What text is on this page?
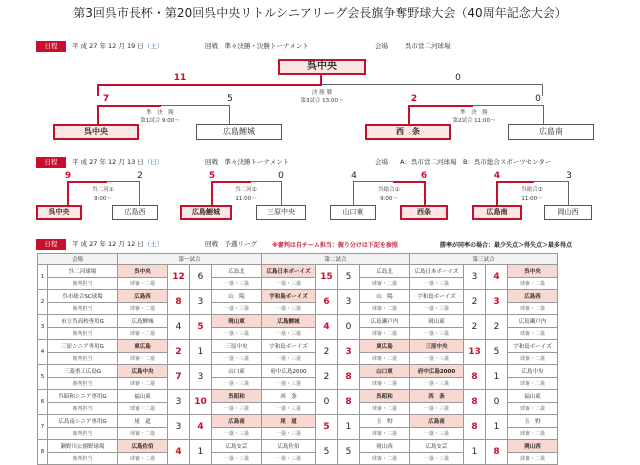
第3回呉市長杯・第20回呉中央リトルシニアリーグ会長旗争奪野球大会（40周年記念大会）
日程	平 成 27 年 12 月 19 日（土）	回戦　準々決勝・決勝トーナメント	会場	呉市営二河球場
呉中央
11	0
決 勝 戦
第3試合 13:00～
7	5
準　決　勝
第1試合 9:00～
呉中央	広島鯉城
2	0
準　決　勝
第2試合 11:00～
西　条	広島南
日程	平 成 27 年 12 月 13 日（日）	回戦　準々決勝トーナメント	会場 A：呉市営二河球場　B：呉市総合スポーツセンター
9	2
呉二河①
9:00～
呉中央	広島西
5	0
呉二河②
11:00～
広島鯉城	三原中央
4	6
呉総合①
9:00～
山口東	西条
4	3
呉総合②
11:00～
広島南	岡山西
日程	平 成 27 年 12 月 12 日（土）	回戦　予選リーグ	※審判は自チーム担当：振り分けは下記を参照	勝率が同率の場合：最少失点＞得失点＞最多得点
会場		第一試合				第二試合				第三試合			
1	呉二河球場	呉中央	12	6	広島北	広島日本ボーイズ	15	5	広島北	広島日本ボーイズ	3	4	呉中央
	審判担当	球審・二塁			一塁・三塁	一塁・三塁			球審・二塁	一塁・三塁			球審・二塁
2	呉市総合SC球場	広島西	8	3	山　陽	宇和島ボーイズ	6	3	山　陽	宇和島ボーイズ	2	3	広島西
	審判担当	球審・二塁			一塁・三塁	一塁・三塁			球審・二塁	一塁・三塁			球審・二塁
3	市立呉高校専用G	広島鯉城	4	5	岡山東	広島鯉城	4	0	広島瀬戸内	岡山東	2	2	広島瀬戸内
	審判担当	球審・二塁			一塁・三塁	一塁・三塁			球審・二塁	一塁・三塁			球審・二塁
4	三原シニア専用G	東広島	2	1	三原中央	宇和島ボーイズ	2	3	東広島	三原中央	13	5	宇和島ボーイズ
	審判担当	球審・二塁			一塁・三塁	一塁・三塁			球審・二塁	一塁・三塁			球審・二塁
5	三菱重工広島G	広島中央	7	3	山口東	府中広島2000	2	8	山口東	府中広島2000	8	1	広島中央
	審判担当	球審・二塁			一塁・三塁	一塁・三塁			球審・二塁	一塁・三塁			球審・二塁
6	呉昭和シニア専用G	福山東	3	10	呉昭和	西　条	0	8	呉昭和	西　条	8	0	福山東
	審判担当	球審・二塁			一塁・三塁	一塁・三塁			球審・二塁	一塁・三塁			球審・二塁
7	広島南シニア専用G	尾　道	3	4	広島南	尾　道	5	1	玉　野	広島南	8	1	玉　野
	審判担当	球審・二塁			一塁・三塁	一塁・三塁			球審・二塁	一塁・三塁			球審・二塁
8	瀬野川公園野球場	広島佐伯	4	1	広島安芸	広島佐伯	5	5	岡山西	広島安芸	1	8	岡山西
	審判担当	球審・二塁			一塁・三塁	一塁・三塁			球審・二塁	一塁・三塁			球審・二塁
